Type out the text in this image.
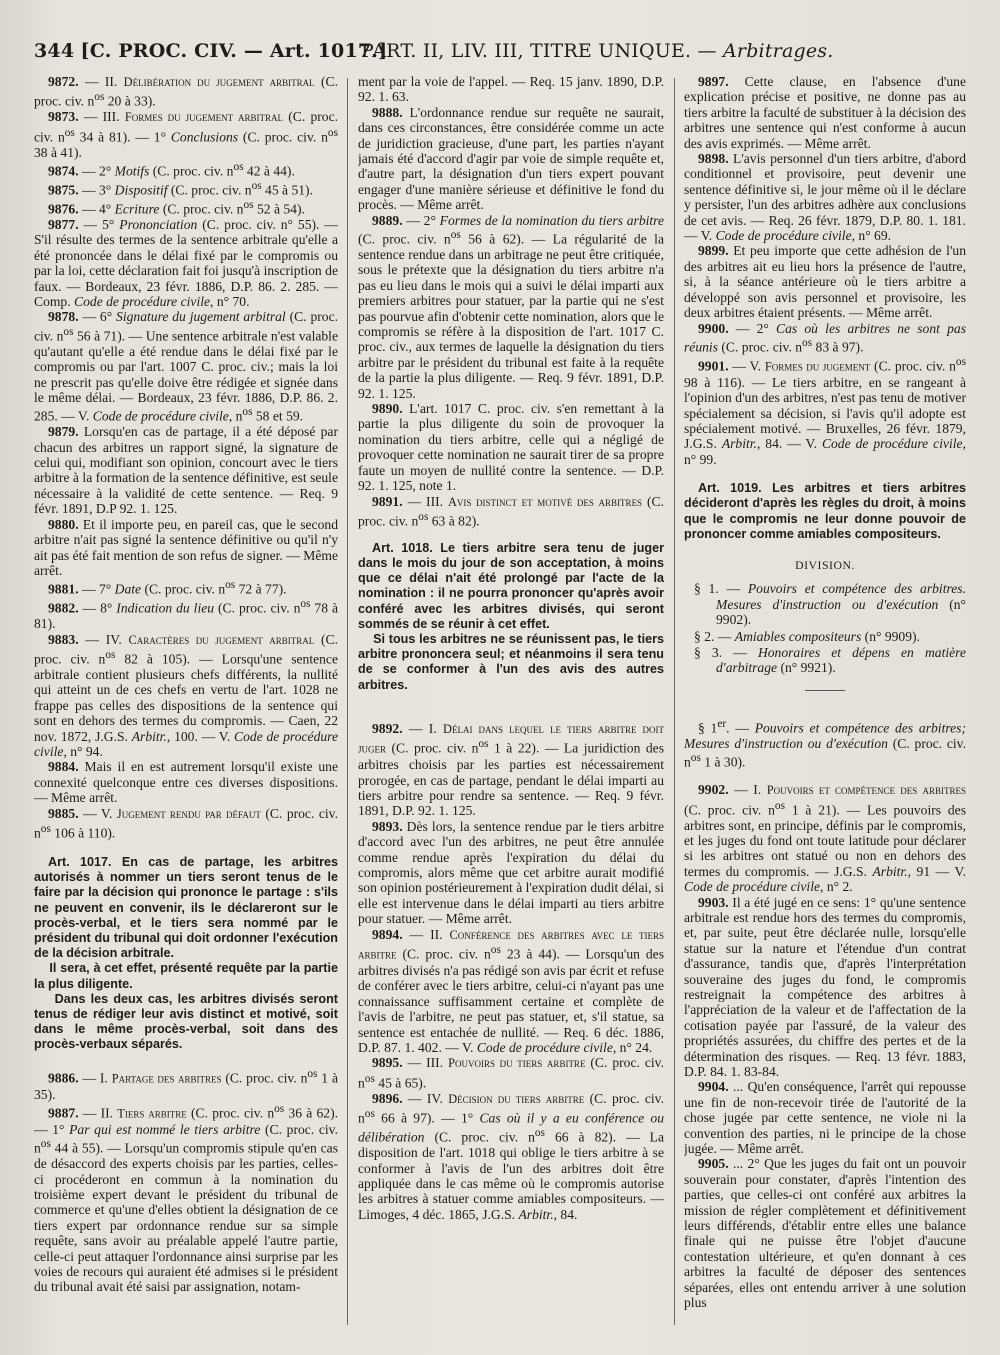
344 [C. PROC. CIV. — Art. 1017.]
PART. II, LIV. III, TITRE UNIQUE. — Arbitrages.

9872. — II. Délibération du jugement arbitral (C. proc. civ. $n^{os}$ 20 à 33).

9873. — III. Formes du jugement arbitral (C. proc. civ. $n^{os}$ 34 à 81). — 1° Conclusions (C. proc. civ. $n^{os}$ 38 à 41).

9874. — 2° Motifs (C. proc. civ. $n^{os}$ 42 à 44).

9875. — 3° Dispositif (C. proc. civ. $n^{os}$ 45 à 51).

9876. — 4° Ecriture (C. proc. civ. $n^{os}$ 52 à 54).

9877. — 5° Prononciation (C. proc. civ. n° 55). — S'il résulte des termes de la sentence arbitrale qu'elle a été prononcée dans le délai fixé par le compromis ou par la loi, cette déclaration fait foi jusqu'à inscription de faux. — Bordeaux, 23 févr. 1886, D.P. 86. 2. 285. — Comp. Code de procédure civile, n° 70.

9878. — 6° Signature du jugement arbitral (C. proc. civ. $n^{os}$ 56 à 71). — Une sentence arbitrale n'est valable qu'autant qu'elle a été rendue dans le délai fixé par le compromis ou par l'art. 1007 C. proc. civ.; mais la loi ne prescrit pas qu'elle doive être rédigée et signée dans le même délai. — Bordeaux, 23 févr. 1886, D.P. 86. 2. 285. — V. Code de procédure civile, $n^{os}$ 58 et 59.

9879. Lorsqu'en cas de partage, il a été déposé par chacun des arbitres un rapport signé, la signature de celui qui, modifiant son opinion, concourt avec le tiers arbitre à la formation de la sentence définitive, est seule nécessaire à la validité de cette sentence. — Req. 9 févr. 1891, D.P 92. 1. 125.

9880. Et il importe peu, en pareil cas, que le second arbitre n'ait pas signé la sentence définitive ou qu'il n'y ait pas été fait mention de son refus de signer. — Même arrêt.

9881. — 7° Date (C. proc. civ. $n^{os}$ 72 à 77).

9882. — 8° Indication du lieu (C. proc. civ. $n^{os}$ 78 à 81).

9883. — IV. Caractères du jugement arbitral (C. proc. civ. $n^{os}$ 82 à 105). — Lorsqu'une sentence arbitrale contient plusieurs chefs différents, la nullité qui atteint un de ces chefs en vertu de l'art. 1028 ne frappe pas celles des dispositions de la sentence qui sont en dehors des termes du compromis. — Caen, 22 nov. 1872, J.G.S. Arbitr., 100. — V. Code de procédure civile, n° 94.

9884. Mais il en est autrement lorsqu'il existe une connexité quelconque entre ces diverses dispositions. — Même arrêt.

9885. — V. Jugement rendu par défaut (C. proc. civ. $n^{os}$ 106 à 110).

Art. 1017. En cas de partage, les arbitres autorisés à nommer un tiers seront tenus de le faire par la décision qui prononce le partage : s'ils ne peuvent en convenir, ils le déclareront sur le procès-verbal, et le tiers sera nommé par le président du tribunal qui doit ordonner l'exécution de la décision arbitrale.
Il sera, à cet effet, présenté requête par la partie la plus diligente.
Dans les deux cas, les arbitres divisés seront tenus de rédiger leur avis distinct et motivé, soit dans le même procès-verbal, soit dans des procès-verbaux séparés.

9886. — I. Partage des arbitres (C. proc. civ. $n^{os}$ 1 à 35).

9887. — II. Tiers arbitre (C. proc. civ. $n^{os}$ 36 à 62). — 1° Par qui est nommé le tiers arbitre (C. proc. civ. $n^{os}$ 44 à 55). — Lorsqu'un compromis stipule qu'en cas de désaccord des experts choisis par les parties, celles-ci procéderont en commun à la nomination du troisième expert devant le président du tribunal de commerce et qu'une d'elles obtient la désignation de ce tiers expert par ordonnance rendue sur sa simple requête, sans avoir au préalable appelé l'autre partie, celle-ci peut attaquer l'ordonnance ainsi surprise par les voies de recours qui auraient été admises si le président du tribunal avait été saisi par assignation, notam-

ment par la voie de l'appel. — Req. 15 janv. 1890, D.P. 92. 1. 63.

9888. L'ordonnance rendue sur requête ne saurait, dans ces circonstances, être considérée comme un acte de juridiction gracieuse, d'une part, les parties n'ayant jamais été d'accord d'agir par voie de simple requête et, d'autre part, la désignation d'un tiers expert pouvant engager d'une manière sérieuse et définitive le fond du procès. — Même arrêt.

9889. — 2° Formes de la nomination du tiers arbitre (C. proc. civ. $n^{os}$ 56 à 62). — La régularité de la sentence rendue dans un arbitrage ne peut être critiquée, sous le prétexte que la désignation du tiers arbitre n'a pas eu lieu dans le mois qui a suivi le délai imparti aux premiers arbitres pour statuer, par la partie qui ne s'est pas pourvue afin d'obtenir cette nomination, alors que le compromis se réfère à la disposition de l'art. 1017 C. proc. civ., aux termes de laquelle la désignation du tiers arbitre par le président du tribunal est faite à la requête de la partie la plus diligente. — Req. 9 févr. 1891, D.P. 92. 1. 125.

9890. L'art. 1017 C. proc. civ. s'en remettant à la partie la plus diligente du soin de provoquer la nomination du tiers arbitre, celle qui a négligé de provoquer cette nomination ne saurait tirer de sa propre faute un moyen de nullité contre la sentence. — D.P. 92. 1. 125, note 1.

9891. — III. Avis distinct et motivé des arbitres (C. proc. civ. $n^{os}$ 63 à 82).

Art. 1018. Le tiers arbitre sera tenu de juger dans le mois du jour de son acceptation, à moins que ce délai n'ait été prolongé par l'acte de la nomination : il ne pourra prononcer qu'après avoir conféré avec les arbitres divisés, qui seront sommés de se réunir à cet effet.
Si tous les arbitres ne se réunissent pas, le tiers arbitre prononcera seul; et néanmoins il sera tenu de se conformer à l'un des avis des autres arbitres.

9892. — I. Délai dans lequel le tiers arbitre doit juger (C. proc. civ. $n^{os}$ 1 à 22). — La juridiction des arbitres choisis par les parties est nécessairement prorogée, en cas de partage, pendant le délai imparti au tiers arbitre pour rendre sa sentence. — Req. 9 févr. 1891, D.P. 92. 1. 125.

9893. Dès lors, la sentence rendue par le tiers arbitre d'accord avec l'un des arbitres, ne peut être annulée comme rendue après l'expiration du délai du compromis, alors même que cet arbitre aurait modifié son opinion postérieurement à l'expiration dudit délai, si elle est intervenue dans le délai imparti au tiers arbitre pour statuer. — Même arrêt.

9894. — II. Conférence des arbitres avec le tiers arbitre (C. proc. civ. $n^{os}$ 23 à 44). — Lorsqu'un des arbitres divisés n'a pas rédigé son avis par écrit et refuse de conférer avec le tiers arbitre, celui-ci n'ayant pas une connaissance suffisamment certaine et complète de l'avis de l'arbitre, ne peut pas statuer, et, s'il statue, sa sentence est entachée de nullité. — Req. 6 déc. 1886, D.P. 87. 1. 402. — V. Code de procédure civile, n° 24.

9895. — III. Pouvoirs du tiers arbitre (C. proc. civ. $n^{os}$ 45 à 65).

9896. — IV. Décision du tiers arbitre (C. proc. civ. $n^{os}$ 66 à 97). — 1° Cas où il y a eu conférence ou délibération (C. proc. civ. $n^{os}$ 66 à 82). — La disposition de l'art. 1018 qui oblige le tiers arbitre à se conformer à l'avis de l'un des arbitres doit être appliquée dans le cas même où le compromis autorise les arbitres à statuer comme amiables compositeurs. — Limoges, 4 déc. 1865, J.G.S. Arbitr., 84.

9897. Cette clause, en l'absence d'une explication précise et positive, ne donne pas au tiers arbitre la faculté de substituer à la décision des arbitres une sentence qui n'est conforme à aucun des avis exprimés. — Même arrêt.

9898. L'avis personnel d'un tiers arbitre, d'abord conditionnel et provisoire, peut devenir une sentence définitive si, le jour même où il le déclare y persister, l'un des arbitres adhère aux conclusions de cet avis. — Req. 26 févr. 1879, D.P. 80. 1. 181. — V. Code de procédure civile, n° 69.

9899. Et peu importe que cette adhésion de l'un des arbitres ait eu lieu hors la présence de l'autre, si, à la séance antérieure où le tiers arbitre a développé son avis personnel et provisoire, les deux arbitres étaient présents. — Même arrêt.

9900. — 2° Cas où les arbitres ne sont pas réunis (C. proc. civ. $n^{os}$ 83 à 97).

9901. — V. Formes du jugement (C. proc. civ. $n^{os}$ 98 à 116). — Le tiers arbitre, en se rangeant à l'opinion d'un des arbitres, n'est pas tenu de motiver spécialement sa décision, si l'avis qu'il adopte est spécialement motivé. — Bruxelles, 26 févr. 1879, J.G.S. Arbitr., 84. — V. Code de procédure civile, n° 99.

Art. 1019. Les arbitres et tiers arbitres décideront d'après les règles du droit, à moins que le compromis ne leur donne pouvoir de prononcer comme amiables compositeurs.

DIVISION.

§ 1. — Pouvoirs et compétence des arbitres. Mesures d'instruction ou d'exécution (n° 9902).

§ 2. — Amiables compositeurs (n° 9909).

§ 3. — Honoraires et dépens en matière d'arbitrage (n° 9921).

§ 1er. — Pouvoirs et compétence des arbitres; Mesures d'instruction ou d'exécution (C. proc. civ. $n^{os}$ 1 à 30).

9902. — I. Pouvoirs et compétence des arbitres (C. proc. civ. $n^{os}$ 1 à 21). — Les pouvoirs des arbitres sont, en principe, définis par le compromis, et les juges du fond ont toute latitude pour déclarer si les arbitres ont statué ou non en dehors des termes du compromis. — J.G.S. Arbitr., 91 — V. Code de procédure civile, n° 2.

9903. Il a été jugé en ce sens: 1° qu'une sentence arbitrale est rendue hors des termes du compromis, et, par suite, peut être déclarée nulle, lorsqu'elle statue sur la nature et l'étendue d'un contrat d'assurance, tandis que, d'après l'interprétation souveraine des juges du fond, le compromis restreignait la compétence des arbitres à l'appréciation de la valeur et de l'affectation de la cotisation payée par l'assuré, de la valeur des propriétés assurées, du chiffre des pertes et de la détermination des risques. — Req. 13 févr. 1883, D.P. 84. 1. 83-84.

9904. ... Qu'en conséquence, l'arrêt qui repousse une fin de non-recevoir tirée de l'autorité de la chose jugée par cette sentence, ne viole ni la convention des parties, ni le principe de la chose jugée. — Même arrêt.

9905. ... 2° Que les juges du fait ont un pouvoir souverain pour constater, d'après l'intention des parties, que celles-ci ont conféré aux arbitres la mission de régler complètement et définitivement leurs différends, d'établir entre elles une balance finale qui ne puisse être l'objet d'aucune contestation ultérieure, et qu'en donnant à ces arbitres la faculté de déposer des sentences séparées, elles ont entendu arriver à une solution plus
